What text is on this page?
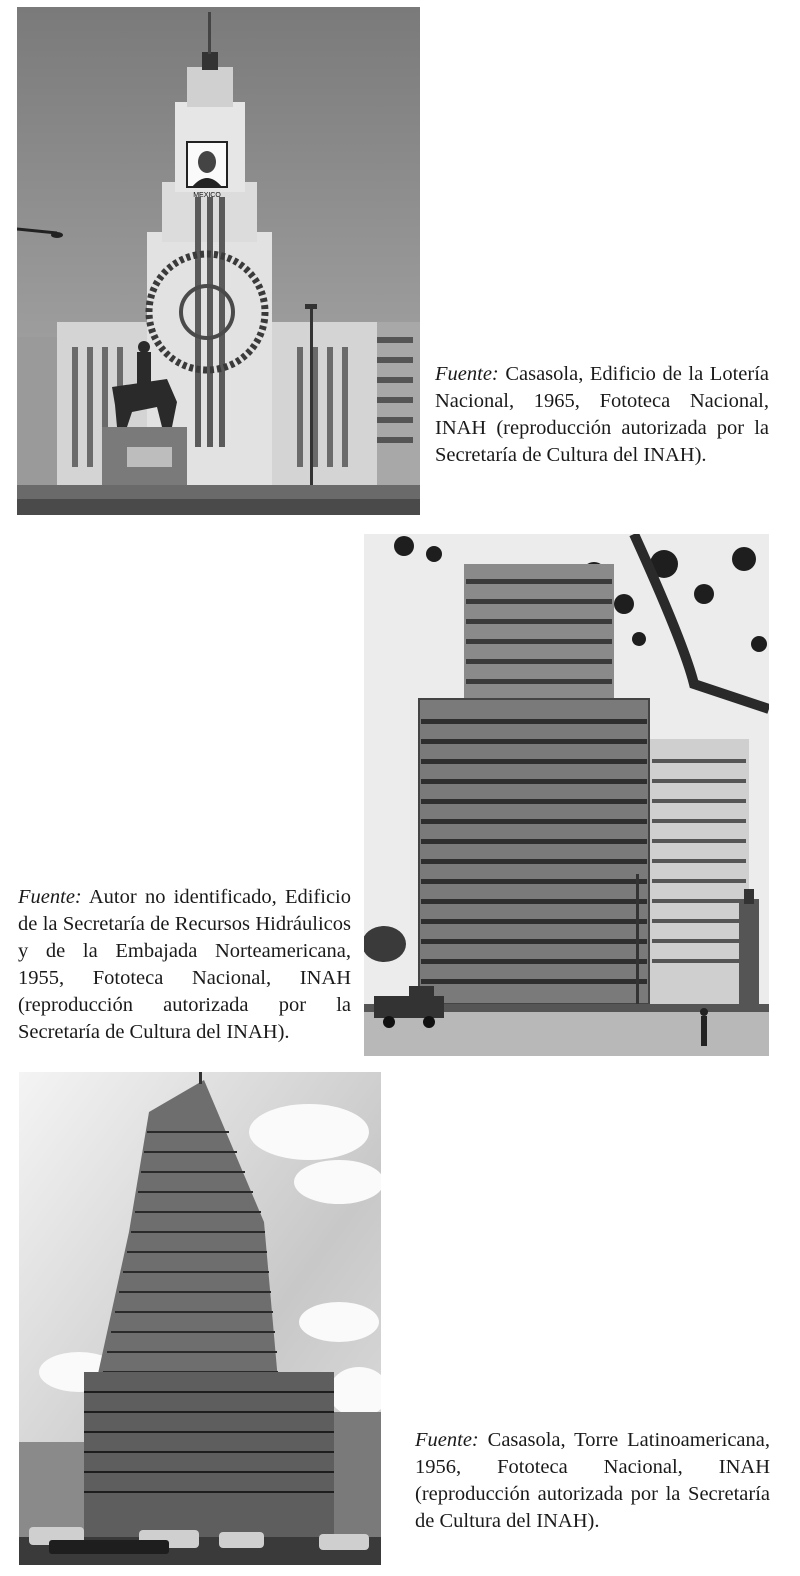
MEXICO

Fuente: Casasola, Edificio de la Lotería Nacional, 1965, Fototeca Nacional, INAH (reproducción autorizada por la Secretaría de Cultura del INAH).

Fuente: Autor no identificado, Edificio de la Secretaría de Recursos Hidráulicos y de la Embajada Norteamericana, 1955, Fototeca Nacional, INAH (reproducción autorizada por la Secretaría de Cultura del INAH).

Fuente: Casasola, Torre Latinoamericana, 1956, Fototeca Nacional, INAH (reproducción autorizada por la Secretaría de Cultura del INAH).
